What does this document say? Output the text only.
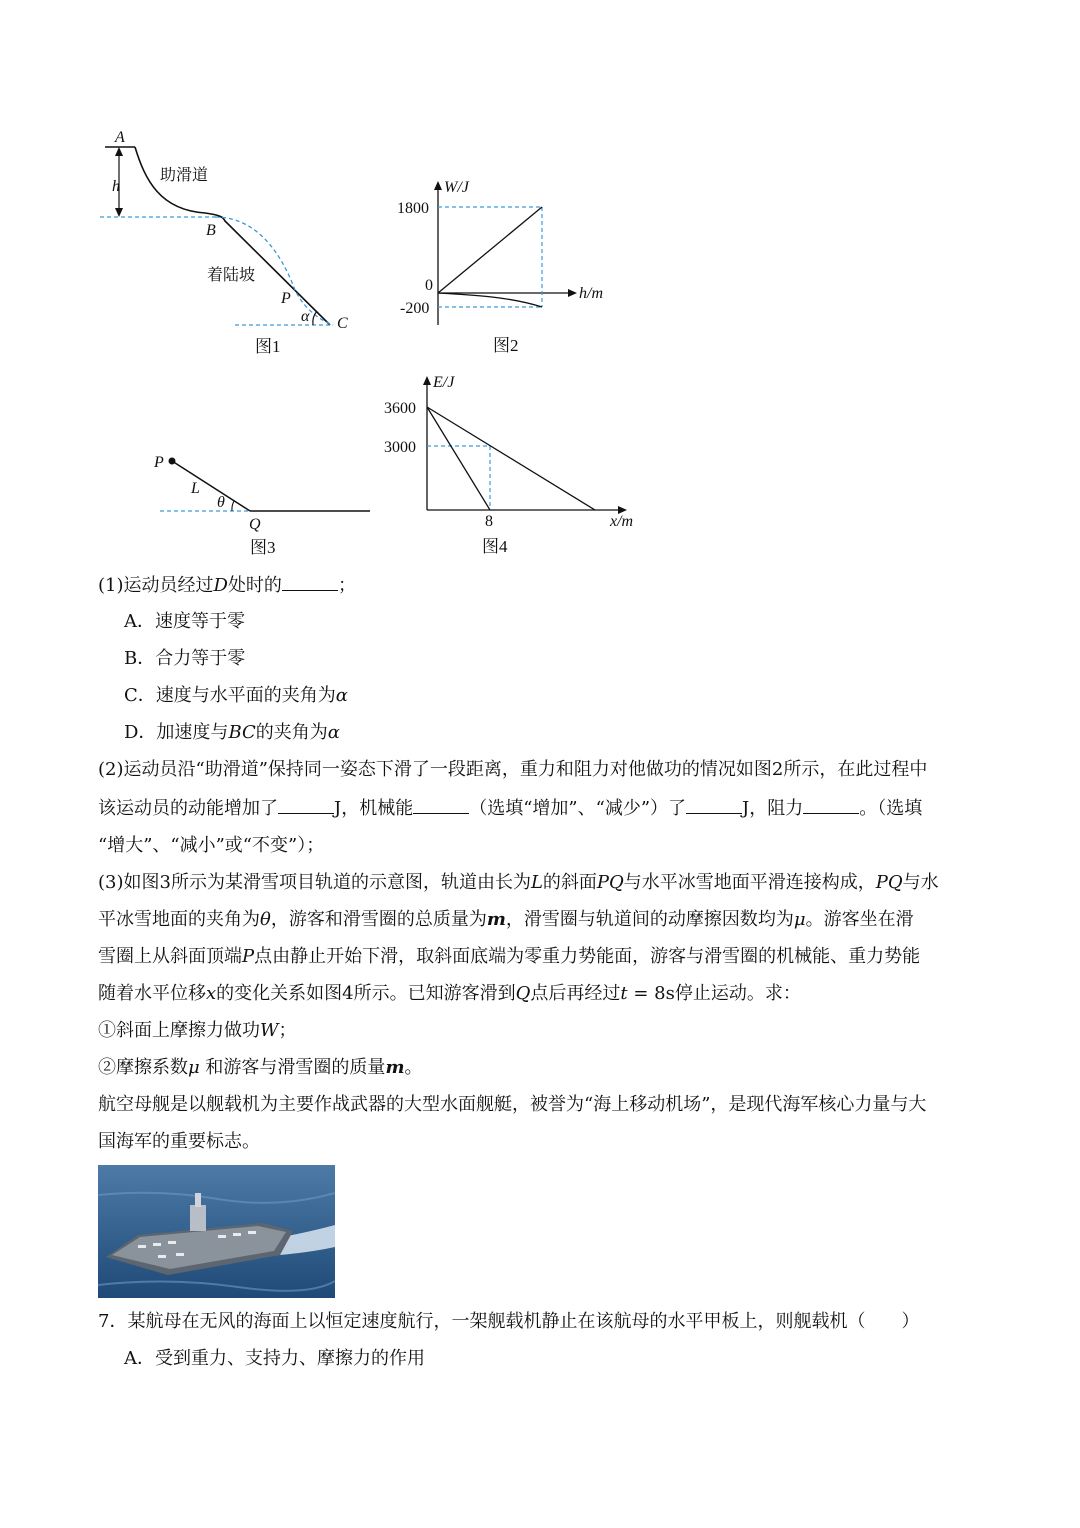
A
h
助滑道
B
着陆坡
P
α C
图1
W/J
1800
0
-200
h/m
图2
P
L
θ
Q
图3
E/J
3600
3000
8	x/m
图4
(1)运动员经过D处时的	；
A．速度等于零
B．合力等于零
C．速度与水平面的夹角为α
D．加速度与BC的夹角为α
(2)运动员沿“助滑道”保持同一姿态下滑了一段距离，重力和阻力对他做功的情况如图2所示，在此过程中
该运动员的动能增加了	J，机械能	（选填“增加”、“减少”）了	J，阻力	。（选填
“增大”、“减小”或“不变”）；
(3)如图3所示为某滑雪项目轨道的示意图，轨道由长为L的斜面PQ与水平冰雪地面平滑连接构成，PQ与水
平冰雪地面的夹角为θ，游客和滑雪圈的总质量为m，滑雪圈与轨道间的动摩擦因数均为μ。游客坐在滑
雪圈上从斜面顶端P点由静止开始下滑，取斜面底端为零重力势能面，游客与滑雪圈的机械能、重力势能
随着水平位移x的变化关系如图4所示。已知游客滑到Q点后再经过t = 8s停止运动。求：
①斜面上摩擦力做功W；
②摩擦系数μ 和游客与滑雪圈的质量m。
航空母舰是以舰载机为主要作战武器的大型水面舰艇，被誉为“海上移动机场”，是现代海军核心力量与大
国海军的重要标志。
7．某航母在无风的海面上以恒定速度航行，一架舰载机静止在该航母的水平甲板上，则舰载机（　　）
A．受到重力、支持力、摩擦力的作用
